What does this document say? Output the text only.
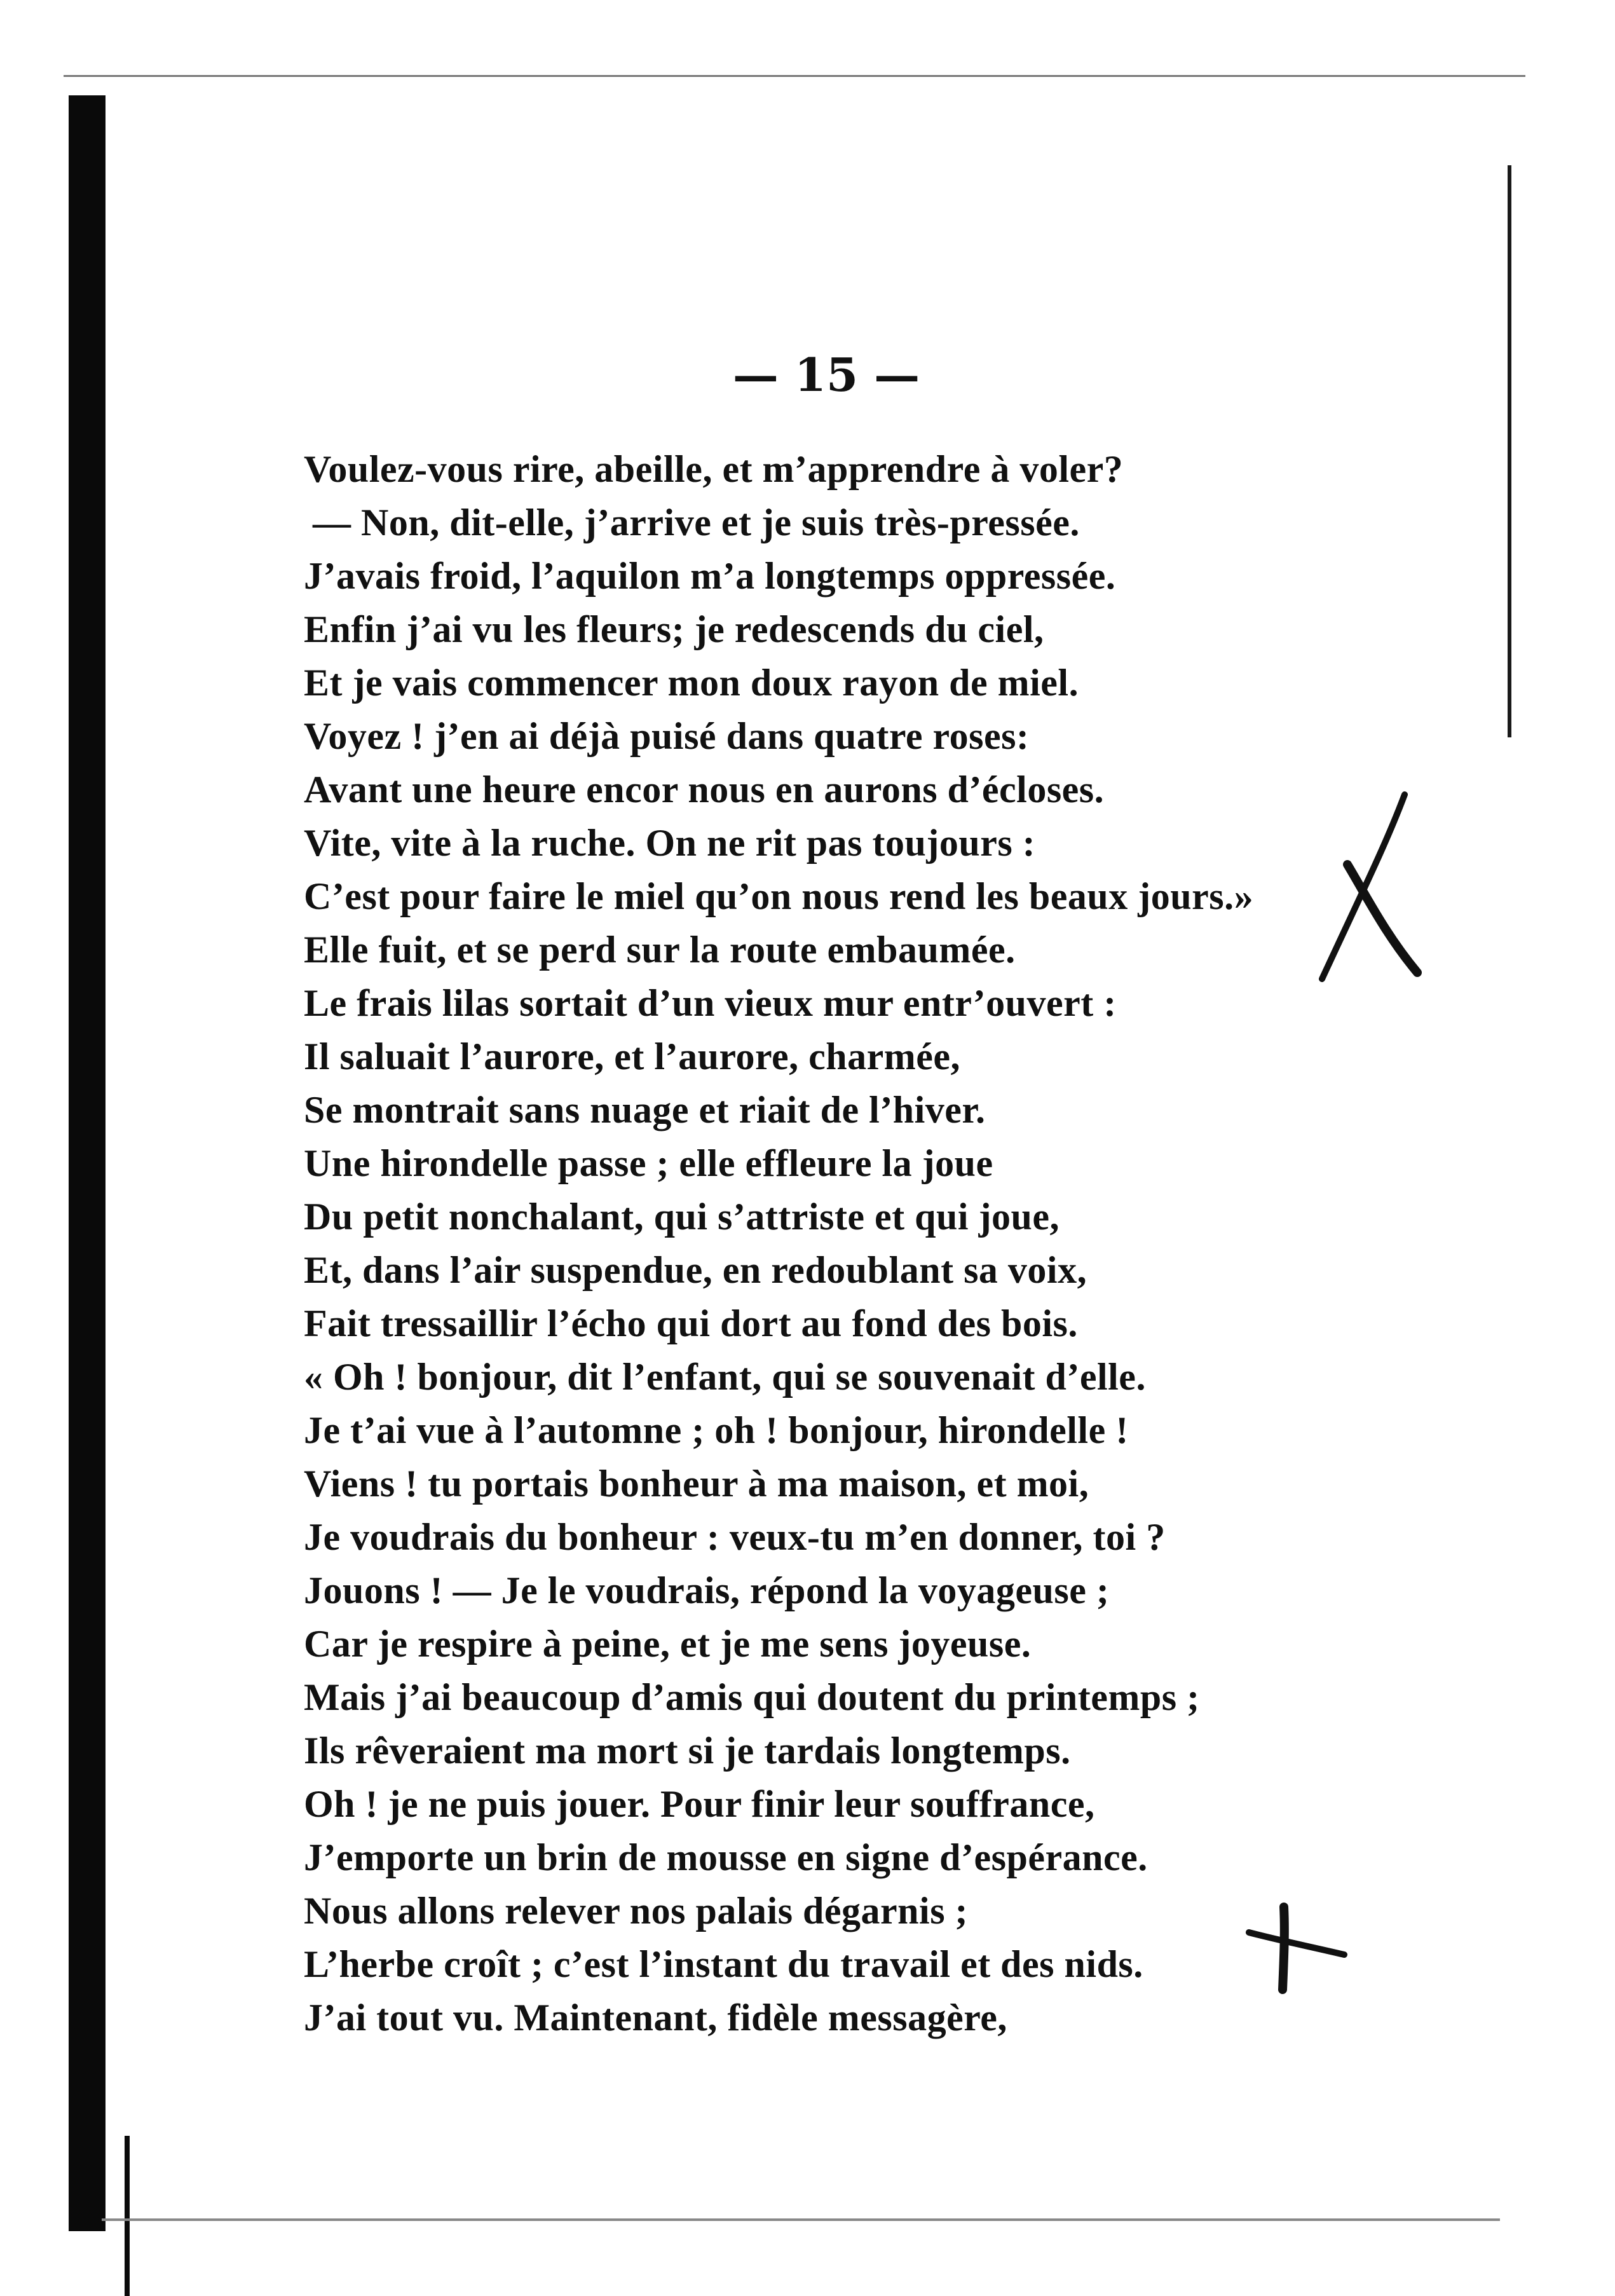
— 15 —
Voulez-vous rire, abeille, et m’apprendre à voler?
— Non, dit-elle, j’arrive et je suis très-pressée.
J’avais froid, l’aquilon m’a longtemps oppressée.
Enfin j’ai vu les fleurs; je redescends du ciel,
Et je vais commencer mon doux rayon de miel.
Voyez ! j’en ai déjà puisé dans quatre roses:
Avant une heure encor nous en aurons d’écloses.
Vite, vite à la ruche. On ne rit pas toujours :
C’est pour faire le miel qu’on nous rend les beaux jours.»
Elle fuit, et se perd sur la route embaumée.
Le frais lilas sortait d’un vieux mur entr’ouvert :
Il saluait l’aurore, et l’aurore, charmée,
Se montrait sans nuage et riait de l’hiver.
Une hirondelle passe ; elle effleure la joue
Du petit nonchalant, qui s’attriste et qui joue,
Et, dans l’air suspendue, en redoublant sa voix,
Fait tressaillir l’écho qui dort au fond des bois.
« Oh ! bonjour, dit l’enfant, qui se souvenait d’elle.
Je t’ai vue à l’automne ; oh ! bonjour, hirondelle !
Viens ! tu portais bonheur à ma maison, et moi,
Je voudrais du bonheur : veux-tu m’en donner, toi ?
Jouons ! — Je le voudrais, répond la voyageuse ;
Car je respire à peine, et je me sens joyeuse.
Mais j’ai beaucoup d’amis qui doutent du printemps ;
Ils rêveraient ma mort si je tardais longtemps.
Oh ! je ne puis jouer. Pour finir leur souffrance,
J’emporte un brin de mousse en signe d’espérance.
Nous allons relever nos palais dégarnis ;
L’herbe croît ; c’est l’instant du travail et des nids.
J’ai tout vu. Maintenant, fidèle messagère,
